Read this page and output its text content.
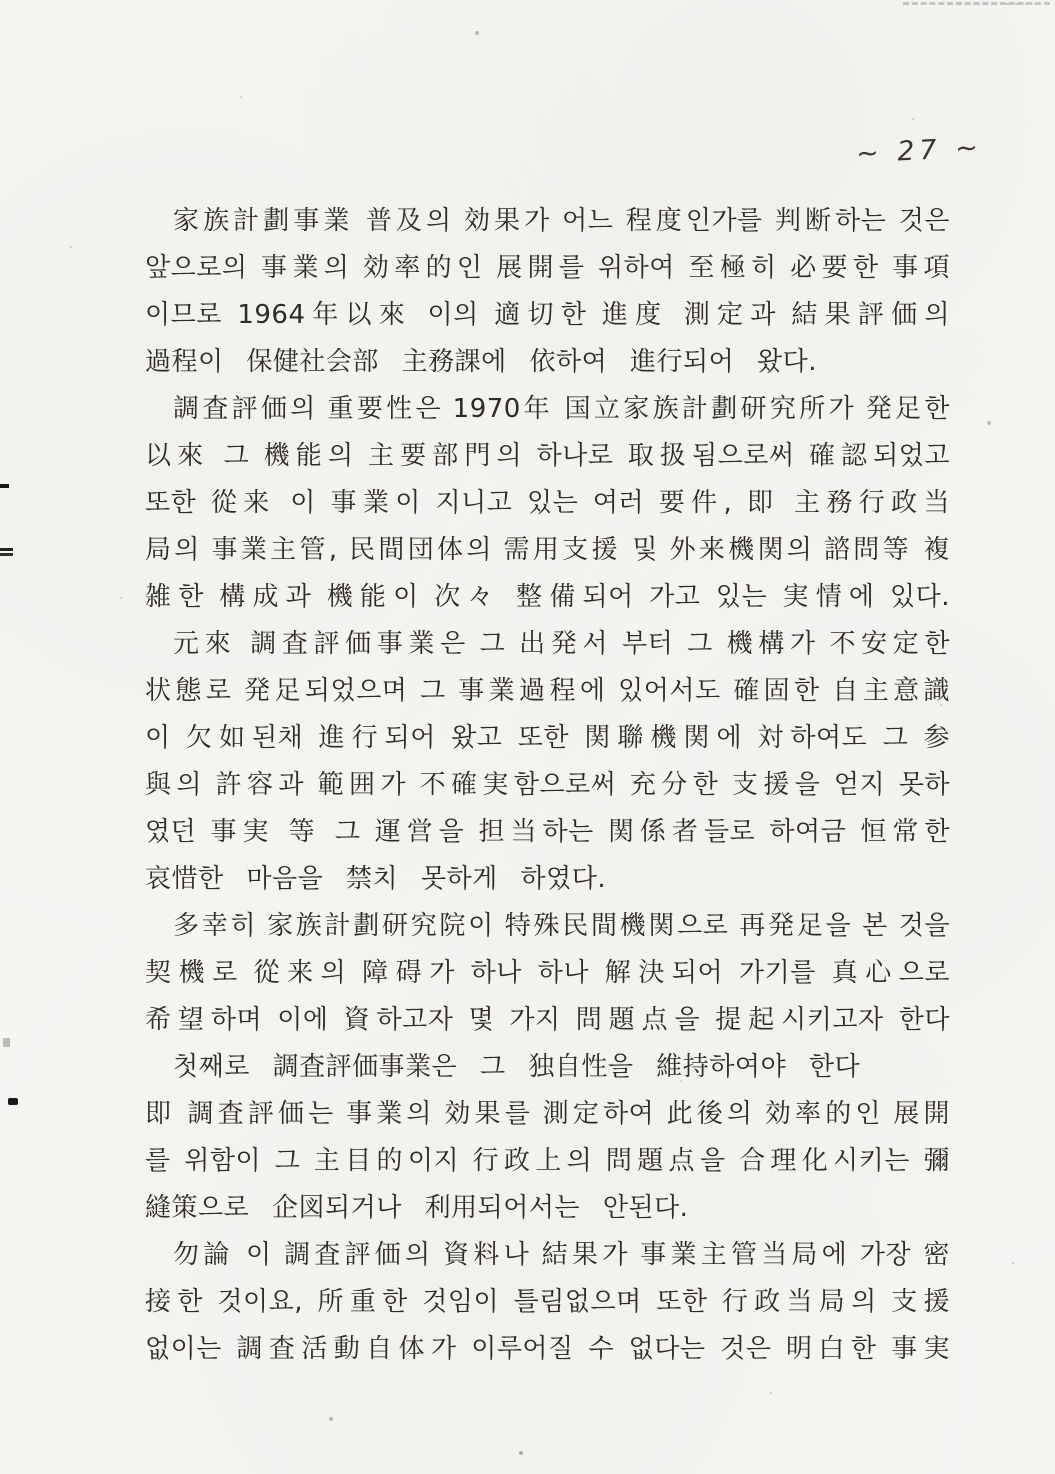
~ 27 ~
家族計劃事業 普及의 効果가 어느 程度인가를 判断하는 것은
앞으로의 事業의 効率的인 展開를 위하여 至極히 必要한 事項
이므로 1964年以來 이의 適切한 進度 測定과 結果評価의
過程이 保健社会部 主務課에 依하여 進行되어 왔다.
調査評価의 重要性은 1970年 国立家族計劃研究所가 発足한
以來 그 機能의 主要部門의 하나로 取扱됨으로써 確認되었고
또한 從来 이 事業이 지니고 있는 여러 要件, 即 主務行政当
局의 事業主管, 民間団体의 需用支援 및 外来機関의 諮問等 複
雑한 構成과 機能이 次々 整備되어 가고 있는 実情에 있다.
元來 調査評価事業은 그 出発서 부터 그 機構가 不安定한
状態로 発足되었으며 그 事業過程에 있어서도 確固한 自主意識
이 欠如된채 進行되어 왔고 또한 関聯機関에 対하여도 그 参
與의 許容과 範囲가 不確実함으로써 充分한 支援을 얻지 못하
였던 事実 等 그 運営을 担当하는 関係者들로 하여금 恒常한
哀惜한 마음을 禁치 못하게 하였다.
多幸히 家族計劃研究院이 特殊民間機関으로 再発足을 본 것을
契機로 從来의 障碍가 하나 하나 解決되어 가기를 真心으로
希望하며 이에 資하고자 몇 가지 問題点을 提起시키고자 한다
첫째로 調査評価事業은 그 独自性을 維持하여야 한다
即 調査評価는 事業의 効果를 測定하여 此後의 効率的인 展開
를 위함이 그 主目的이지 行政上의 問題点을 合理化시키는 彌
縫策으로 企図되거나 利用되어서는 안된다.
勿論 이 調査評価의 資料나 結果가 事業主管当局에 가장 密
接한 것이요, 所重한 것임이 틀림없으며 또한 行政当局의 支援
없이는 調査活動自体가 이루어질 수 없다는 것은 明白한 事実
